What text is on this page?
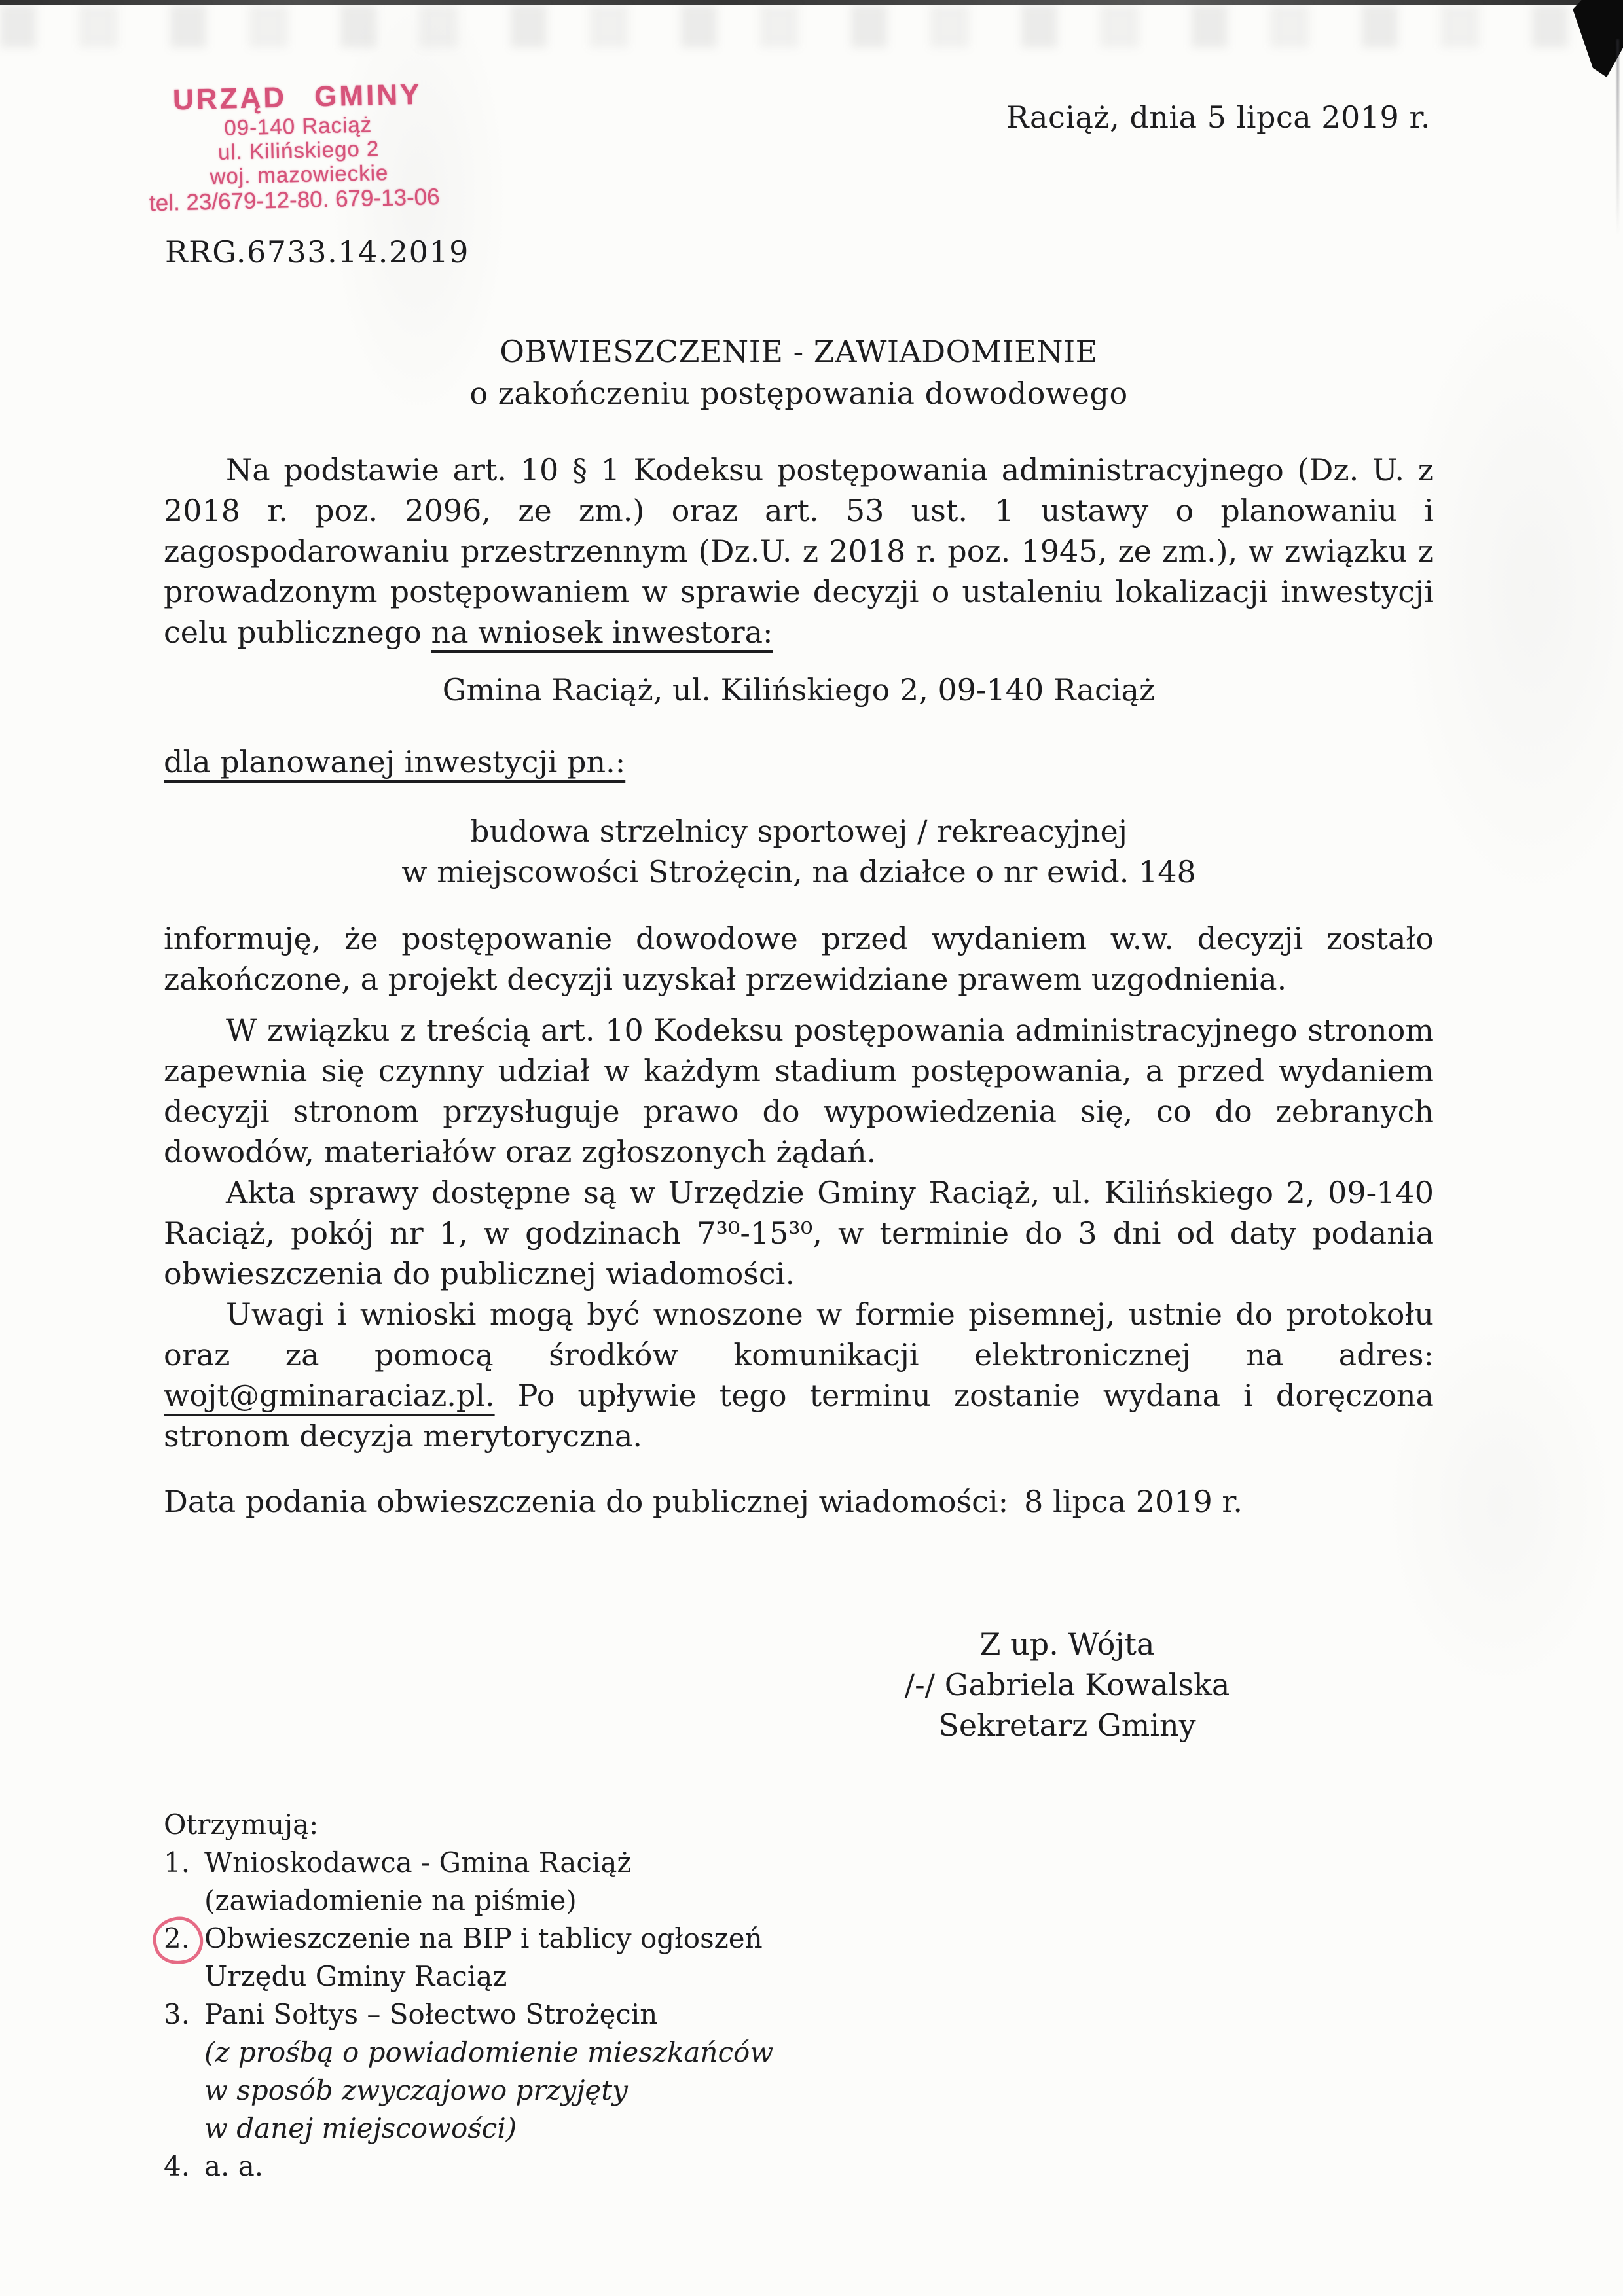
URZĄD GMINY
09-140 Raciąż
ul. Kilińskiego 2
woj. mazowieckie
tel. 23/679-12-80. 679-13-06
Raciąż, dnia 5 lipca 2019 r.
RRG.6733.14.2019
OBWIESZCZENIE - ZAWIADOMIENIE
o zakończeniu postępowania dowodowego

Na podstawie art. 10 § 1 Kodeksu postępowania administracyjnego (Dz. U. z 2018 r. poz. 2096, ze zm.) oraz art. 53 ust. 1 ustawy o planowaniu i zagospodarowaniu przestrzennym (Dz.U. z 2018 r. poz. 1945, ze zm.), w związku z prowadzonym postępowaniem w sprawie decyzji o ustaleniu lokalizacji inwestycji celu publicznego na wniosek inwestora:

Gmina Raciąż, ul. Kilińskiego 2, 09-140 Raciąż
dla planowanej inwestycji pn.:
budowa strzelnicy sportowej / rekreacyjnej
w miejscowości Strożęcin, na działce o nr ewid. 148

informuję, że postępowanie dowodowe przed wydaniem w.w. decyzji zostało zakończone, a projekt decyzji uzyskał przewidziane prawem uzgodnienia.

W związku z treścią art. 10 Kodeksu postępowania administracyjnego stronom zapewnia się czynny udział w każdym stadium postępowania, a przed wydaniem decyzji stronom przysługuje prawo do wypowiedzenia się, co do zebranych dowodów, materiałów oraz zgłoszonych żądań.

Akta sprawy dostępne są w Urzędzie Gminy Raciąż, ul. Kilińskiego 2, 09-140 Raciąż, pokój nr 1, w godzinach 7³⁰-15³⁰, w terminie do 3 dni od daty podania obwieszczenia do publicznej wiadomości.

Uwagi i wnioski mogą być wnoszone w formie pisemnej, ustnie do protokołu oraz za pomocą środków komunikacji elektronicznej na adres: wojt@gminaraciaz.pl. Po upływie tego terminu zostanie wydana i doręczona stronom decyzja merytoryczna.

Data podania obwieszczenia do publicznej wiadomości: 8 lipca 2019 r.
Z up. Wójta
/-/ Gabriela Kowalska
Sekretarz Gminy
Otrzymują:
1. Wnioskodawca - Gmina Raciąż
(zawiadomienie na piśmie)
2. Obwieszczenie na BIP i tablicy ogłoszeń
Urzędu Gminy Raciąz
3. Pani Sołtys – Sołectwo Strożęcin
(z prośbą o powiadomienie mieszkańców
w sposób zwyczajowo przyjęty
w danej miejscowości)
4. a. a.
